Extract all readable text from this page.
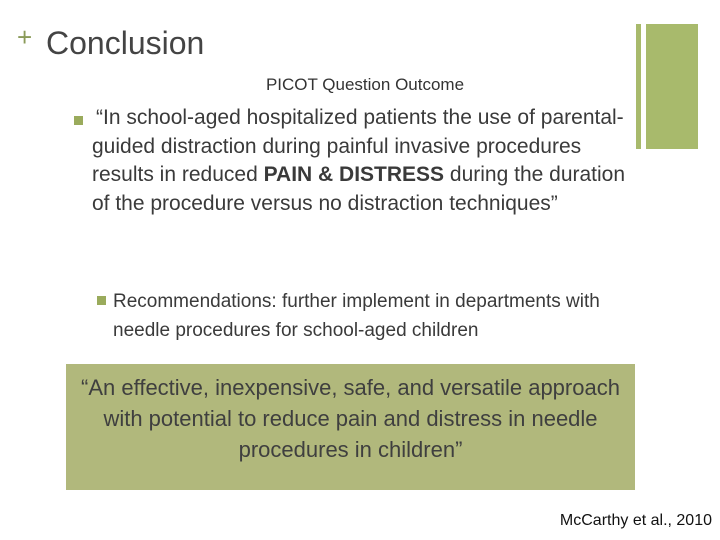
+ Conclusion
PICOT Question Outcome
“In school-aged hospitalized patients the use of parental-guided distraction during painful invasive procedures results in reduced PAIN & DISTRESS during the duration of the procedure versus no distraction techniques”
Recommendations: further implement in departments with needle procedures for school-aged children
“An effective, inexpensive, safe, and versatile approach with potential to reduce pain and distress in needle procedures in children”
McCarthy et al., 2010
